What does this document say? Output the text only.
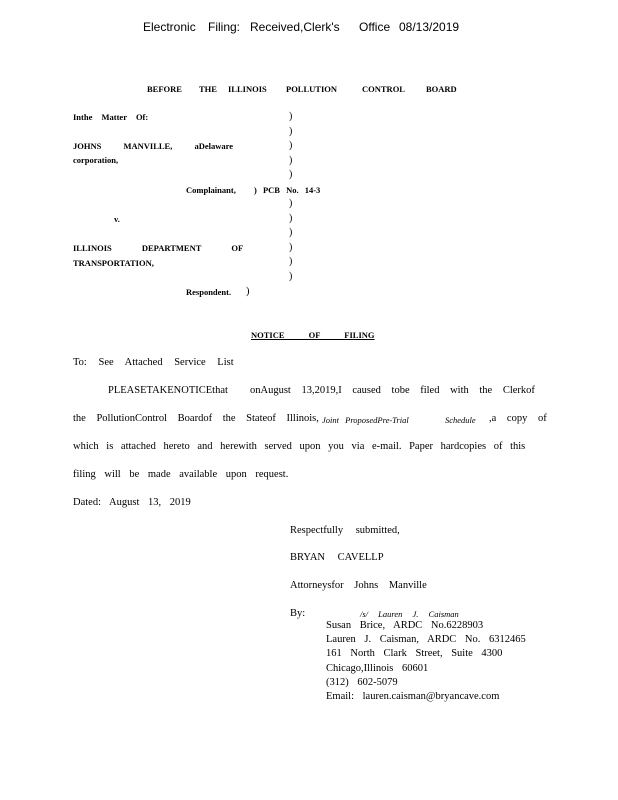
Electronic Filing: Received,Clerk's Office 08/13/2019
BEFORE THE ILLINOIS POLLUTION	CONTROL BOARD
Inthe Matter Of:
JOHNS MANVILLE, aDelaware
corporation,
Complainant, ) PCB No. 14-3
v.
ILLINOIS DEPARTMENT OF
TRANSPORTATION,
Respondent. )
)
)
)
)
)
)
)
)
)
)
)
NOTICE OF FILING
To: See Attached Service List
PLEASETAKENOTICEthat onAugust 13,2019,I caused tobe filed with the Clerkof
the PollutionControl Boardof the Stateof Illinois, Joint ProposedPre-Trial	Schedule ,a copy of
which is attached hereto and herewith served upon you via e-mail. Paper hardcopies of this
filing will be made available upon request.
Dated: August 13, 2019
Respectfully submitted,
BRYAN CAVELLP
Attorneysfor Johns Manville
By:	/s/ Lauren J. Caisman
Susan Brice, ARDC No.6228903
Lauren J. Caisman, ARDC No. 6312465
161 North Clark Street, Suite 4300
Chicago,Illinois 60601
(312) 602-5079
Email: lauren.caisman@bryancave.com
